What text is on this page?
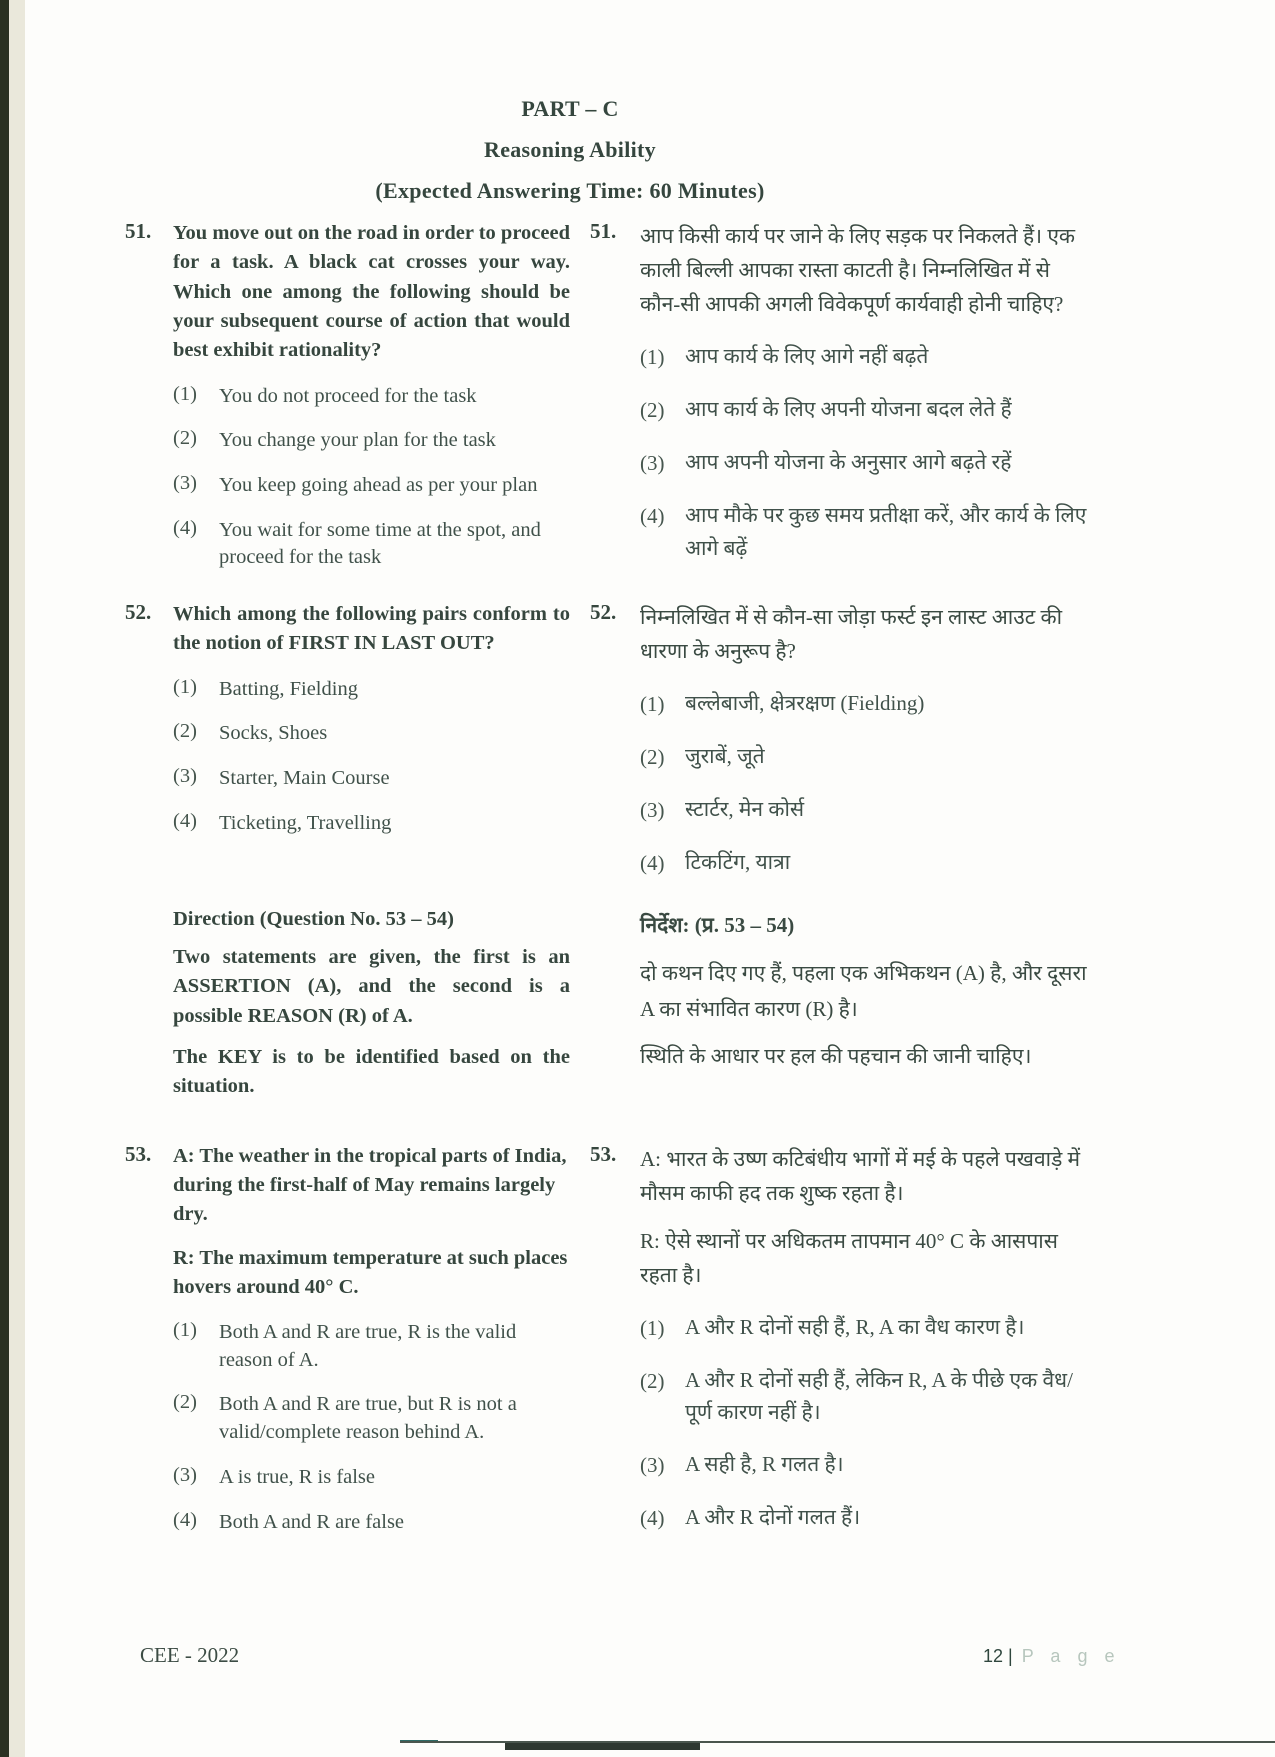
PART – C
Reasoning Ability
(Expected Answering Time: 60 Minutes)
51.	You move out on the road in order to proceed for a task. A black cat crosses your way. Which one among the following should be your subsequent course of action that would best exhibit rationality?

(1)	You do not proceed for the task
(2)	You change your plan for the task
(3)	You keep going ahead as per your plan
(4)	You wait for some time at the spot, and proceed for the task
51.	आप किसी कार्य पर जाने के लिए सड़क पर निकलते हैं। एक काली बिल्ली आपका रास्ता काटती है। निम्नलिखित में से कौन-सी आपकी अगली विवेकपूर्ण कार्यवाही होनी चाहिए?

(1) आप कार्य के लिए आगे नहीं बढ़ते
(2) आप कार्य के लिए अपनी योजना बदल लेते हैं
(3) आप अपनी योजना के अनुसार आगे बढ़ते रहें
(4) आप मौके पर कुछ समय प्रतीक्षा करें, और कार्य के लिए आगे बढ़ें
52.	Which among the following pairs conform to the notion of FIRST IN LAST OUT?

(1)	Batting, Fielding
(2)	Socks, Shoes
(3)	Starter, Main Course
(4)	Ticketing, Travelling
52.	निम्नलिखित में से कौन-सा जोड़ा फर्स्ट इन लास्ट आउट की धारणा के अनुरूप है?

(1) बल्लेबाजी, क्षेत्ररक्षण (Fielding)
(2) जुराबें, जूते
(3) स्टार्टर, मेन कोर्स
(4) टिकटिंग, यात्रा

Direction (Question No. 53 – 54)

Two statements are given, the first is an ASSERTION (A), and the second is a possible REASON (R) of A.

The KEY is to be identified based on the situation.

निर्देश: (प्र. 53 – 54)

दो कथन दिए गए हैं, पहला एक अभिकथन (A) है, और दूसरा A का संभावित कारण (R) है।

स्थिति के आधार पर हल की पहचान की जानी चाहिए।

53.	A: The weather in the tropical parts of India, during the first-half of May remains largely dry.

R: The maximum temperature at such places hovers around 40° C.

(1)	Both A and R are true, R is the valid reason of A.
(2)	Both A and R are true, but R is not a valid/complete reason behind A.
(3)	A is true, R is false
(4)	Both A and R are false
53.	A: भारत के उष्ण कटिबंधीय भागों में मई के पहले पखवाड़े में मौसम काफी हद तक शुष्क रहता है।

R: ऐसे स्थानों पर अधिकतम तापमान 40° C के आसपास रहता है।

(1) A और R दोनों सही हैं, R, A का वैध कारण है।
(2) A और R दोनों सही हैं, लेकिन R, A के पीछे एक वैध/पूर्ण कारण नहीं है।
(3) A सही है, R गलत है।
(4) A और R दोनों गलत हैं।
CEE - 2022	12 | P a g e
